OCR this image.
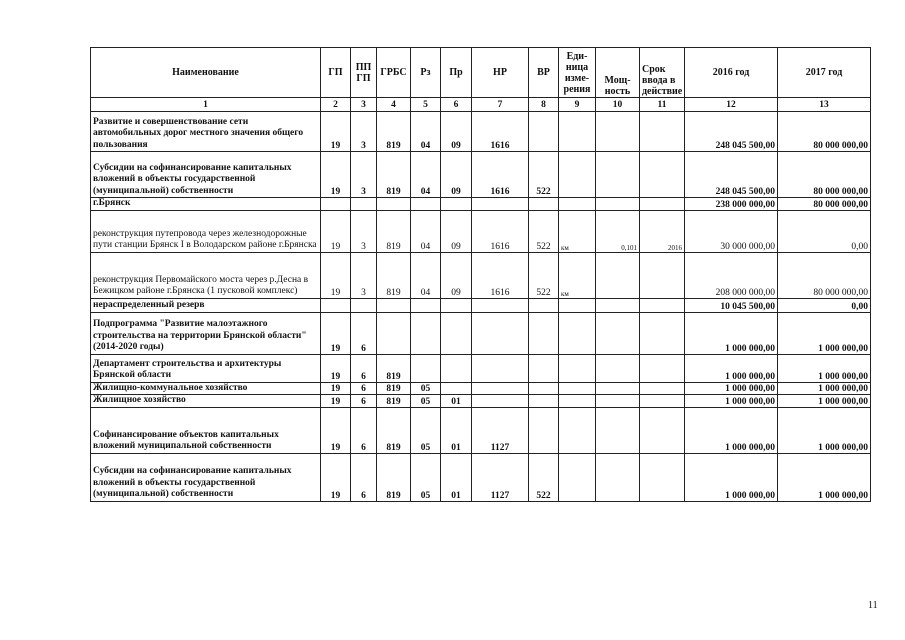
Наименование	ГП	ППГП	ГРБС	Рз	Пр	НР	ВР	Еди- ница изме- рения	Мощ- ность	Срок ввода в действие	2016 год	2017 год
1	2	3	4	5	6	7	8	9	10	11	12	13
Развитие и совершенствование сети автомобильных дорог местного значения общего пользования	19	3	819	04	09	1616					248 045 500,00	80 000 000,00
Субсидии на софинансирование капитальных вложений в объекты государственной (муниципальной) собственности	19	3	819	04	09	1616	522				248 045 500,00	80 000 000,00
г.Брянск											238 000 000,00	80 000 000,00
реконструкция путепровода через железнодорожные пути станции Брянск I в Володарском районе г.Брянска	19	3	819	04	09	1616	522	км	0,101	2016	30 000 000,00	0,00
реконструкция Первомайского моста через р.Десна в Бежицком районе г.Брянска (1 пусковой комплекс)	19	3	819	04	09	1616	522	км			208 000 000,00	80 000 000,00
нераспределенный резерв											10 045 500,00	0,00
Подпрограмма "Развитие малоэтажного строительства на территории Брянской области" (2014-2020 годы)	19	6									1 000 000,00	1 000 000,00
Департамент строительства и архитектуры Брянской области	19	6	819								1 000 000,00	1 000 000,00
Жилищно-коммунальное хозяйство	19	6	819	05							1 000 000,00	1 000 000,00
Жилищное хозяйство	19	6	819	05	01						1 000 000,00	1 000 000,00
Софинансирование объектов капитальных вложений муниципальной собственности	19	6	819	05	01	1127					1 000 000,00	1 000 000,00
Субсидии на софинансирование капитальных вложений в объекты государственной (муниципальной) собственности	19	6	819	05	01	1127	522				1 000 000,00	1 000 000,00
11
